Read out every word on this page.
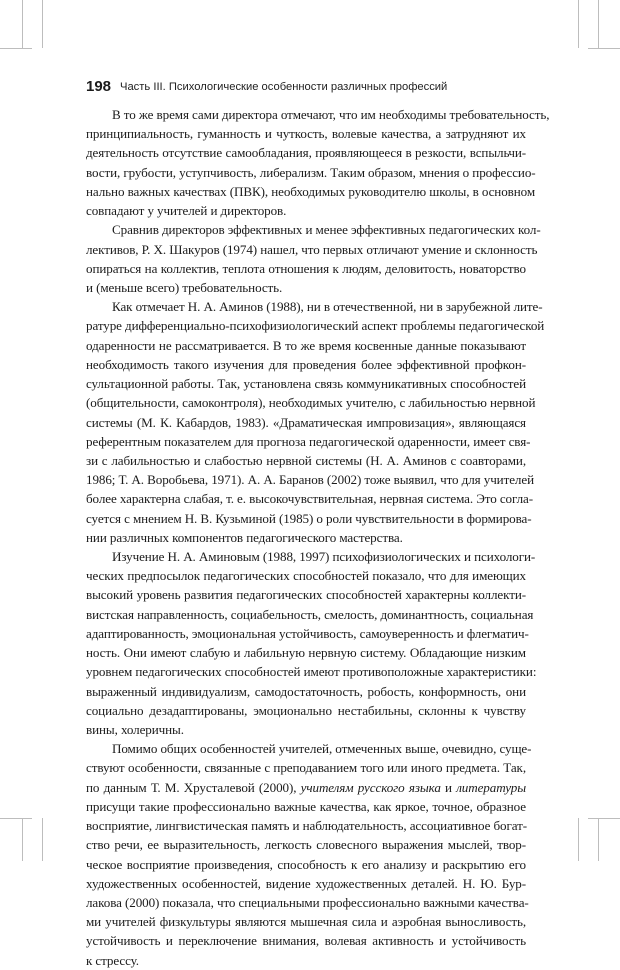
198 Часть III. Психологические особенности различных профессий
В то же время сами директора отмечают, что им необходимы требовательность,
принципиальность, гуманность и чуткость, волевые качества, а затрудняют их
деятельность отсутствие самообладания, проявляющееся в резкости, вспыльчи-
вости, грубости, уступчивость, либерализм. Таким образом, мнения о профессио-
нально важных качествах (ПВК), необходимых руководителю школы, в основном
совпадают у учителей и директоров.
Сравнив директоров эффективных и менее эффективных педагогических кол-
лективов, Р. Х. Шакуров (1974) нашел, что первых отличают умение и склонность
опираться на коллектив, теплота отношения к людям, деловитость, новаторство
и (меньше всего) требовательность.
Как отмечает Н. А. Аминов (1988), ни в отечественной, ни в зарубежной лите-
ратуре дифференциально-психофизиологический аспект проблемы педагогической
одаренности не рассматривается. В то же время косвенные данные показывают
необходимость такого изучения для проведения более эффективной профкон-
сультационной работы. Так, установлена связь коммуникативных способностей
(общительности, самоконтроля), необходимых учителю, с лабильностью нервной
системы (М. К. Кабардов, 1983). «Драматическая импровизация», являющаяся
референтным показателем для прогноза педагогической одаренности, имеет свя-
зи с лабильностью и слабостью нервной системы (Н. А. Аминов с соавторами,
1986; Т. А. Воробьева, 1971). А. А. Баранов (2002) тоже выявил, что для учителей
более характерна слабая, т. е. высокочувствительная, нервная система. Это согла-
суется с мнением Н. В. Кузьминой (1985) о роли чувствительности в формирова-
нии различных компонентов педагогического мастерства.
Изучение Н. А. Аминовым (1988, 1997) психофизиологических и психологи-
ческих предпосылок педагогических способностей показало, что для имеющих
высокий уровень развития педагогических способностей характерны коллекти-
вистская направленность, социабельность, смелость, доминантность, социальная
адаптированность, эмоциональная устойчивость, самоуверенность и флегматич-
ность. Они имеют слабую и лабильную нервную систему. Обладающие низким
уровнем педагогических способностей имеют противоположные характеристики:
выраженный индивидуализм, самодостаточность, робость, конформность, они
социально дезадаптированы, эмоционально нестабильны, склонны к чувству
вины, холеричны.
Помимо общих особенностей учителей, отмеченных выше, очевидно, суще-
ствуют особенности, связанные с преподаванием того или иного предмета. Так,
по данным Т. М. Хрусталевой (2000), учителям русского языка и литературы
присущи такие профессионально важные качества, как яркое, точное, образное
восприятие, лингвистическая память и наблюдательность, ассоциативное богат-
ство речи, ее выразительность, легкость словесного выражения мыслей, твор-
ческое восприятие произведения, способность к его анализу и раскрытию его
художественных особенностей, видение художественных деталей. Н. Ю. Бур-
лакова (2000) показала, что специальными профессионально важными качества-
ми учителей физкультуры являются мышечная сила и аэробная выносливость,
устойчивость и переключение внимания, волевая активность и устойчивость
к стрессу.
